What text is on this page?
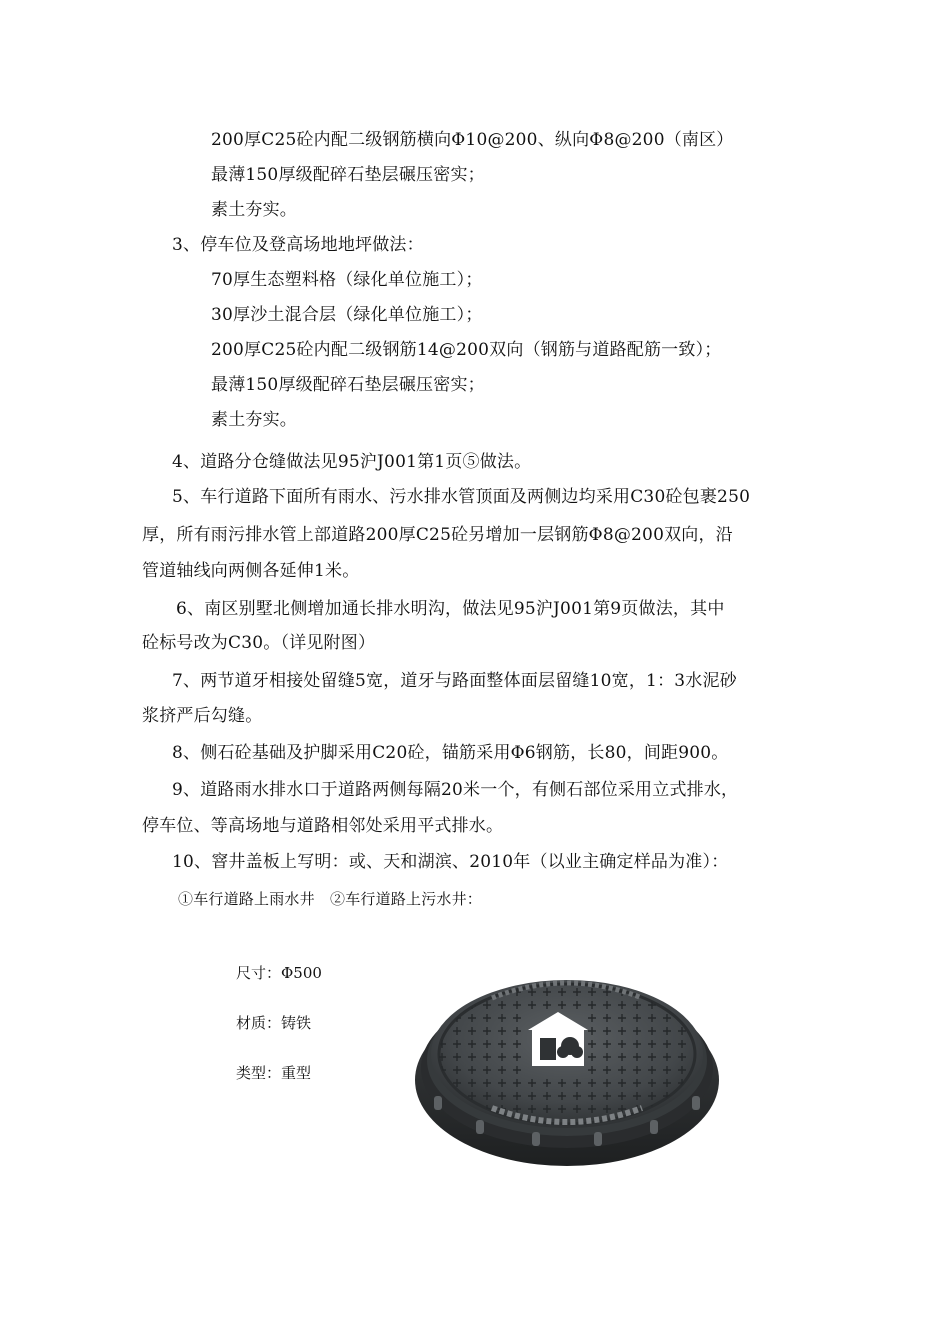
200厚C25砼内配二级钢筋横向Φ10@200、纵向Φ8@200（南区）
最薄150厚级配碎石垫层碾压密实；
素土夯实。
3、停车位及登高场地地坪做法：
70厚生态塑料格（绿化单位施工）；
30厚沙土混合层（绿化单位施工）；
200厚C25砼内配二级钢筋14@200双向（钢筋与道路配筋一致）；
最薄150厚级配碎石垫层碾压密实；
素土夯实。
4、道路分仓缝做法见95沪J001第1页⑤做法。
5、车行道路下面所有雨水、污水排水管顶面及两侧边均采用C30砼包裹250
厚，所有雨污排水管上部道路200厚C25砼另增加一层钢筋Φ8@200双向，沿
管道轴线向两侧各延伸1米。
6、南区别墅北侧增加通长排水明沟，做法见95沪J001第9页做法，其中
砼标号改为C30。（详见附图）
7、两节道牙相接处留缝5宽，道牙与路面整体面层留缝10宽，1：3水泥砂
浆挤严后勾缝。
8、侧石砼基础及护脚采用C20砼，锚筋采用Φ6钢筋，长80，间距900。
9、道路雨水排水口于道路两侧每隔20米一个，有侧石部位采用立式排水，
停车位、等高场地与道路相邻处采用平式排水。
10、窨井盖板上写明：或、天和湖滨、2010年（以业主确定样品为准）：
①车行道路上雨水井　②车行道路上污水井：
尺寸：Φ500
材质：铸铁
类型：重型
